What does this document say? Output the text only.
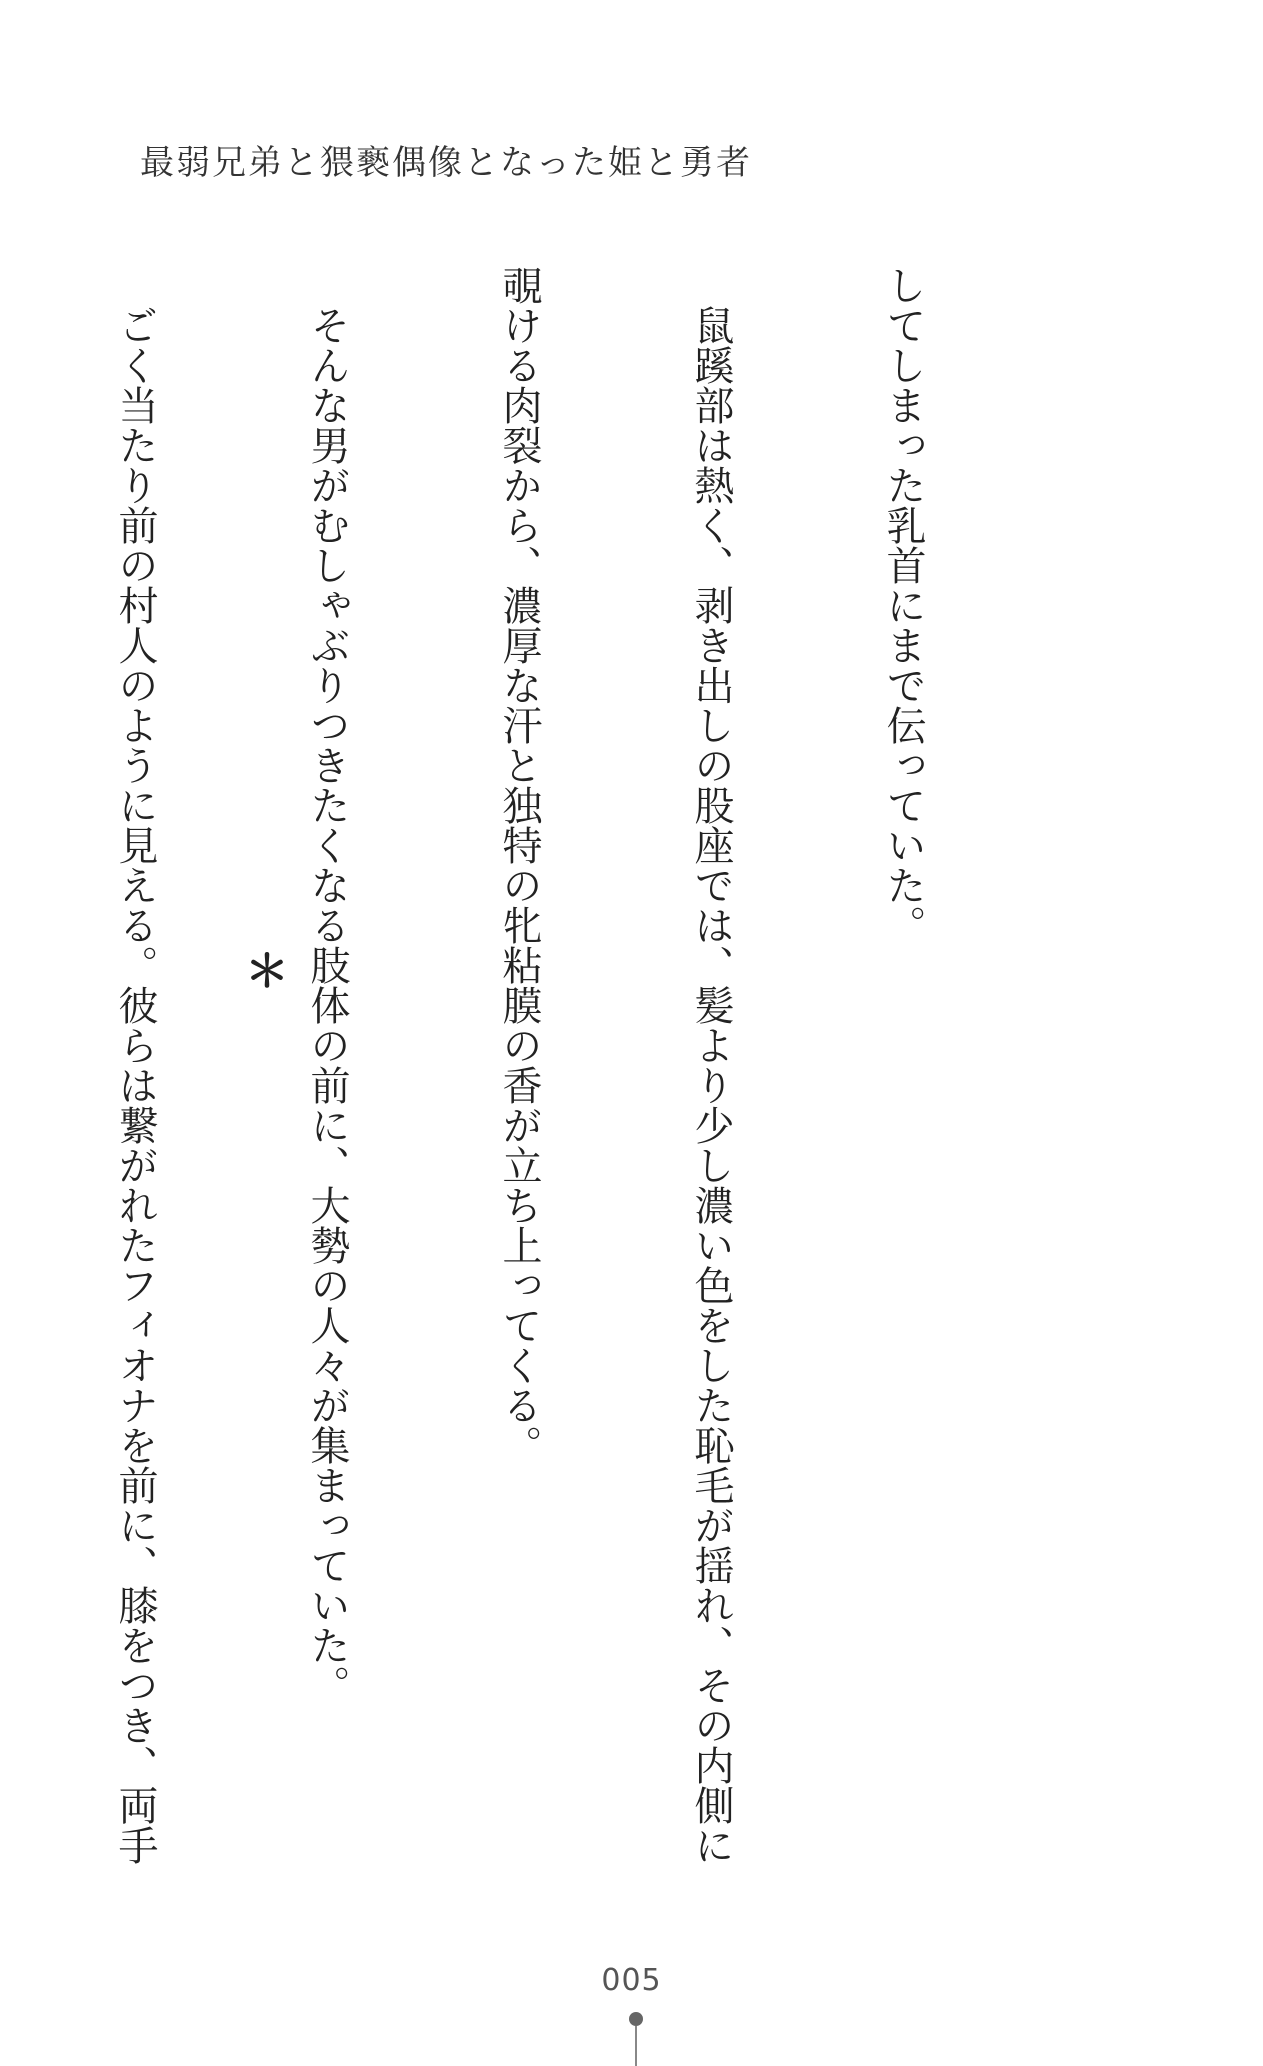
最弱兄弟と猥褻偶像となった姫と勇者

してしまった乳首にまで伝っていた。

　鼠蹊部は熱く、剥き出しの股座では、髪より少し濃い色をした恥毛が揺れ、その内側に

覗ける肉裂から、濃厚な汗と独特の牝粘膜の香が立ち上ってくる。

　そんな男がむしゃぶりつきたくなる肢体の前に、大勢の人々が集まっていた。

　ごく当たり前の村人のように見える。彼らは繋がれたフィオナを前に、膝をつき、両手

＊
005
